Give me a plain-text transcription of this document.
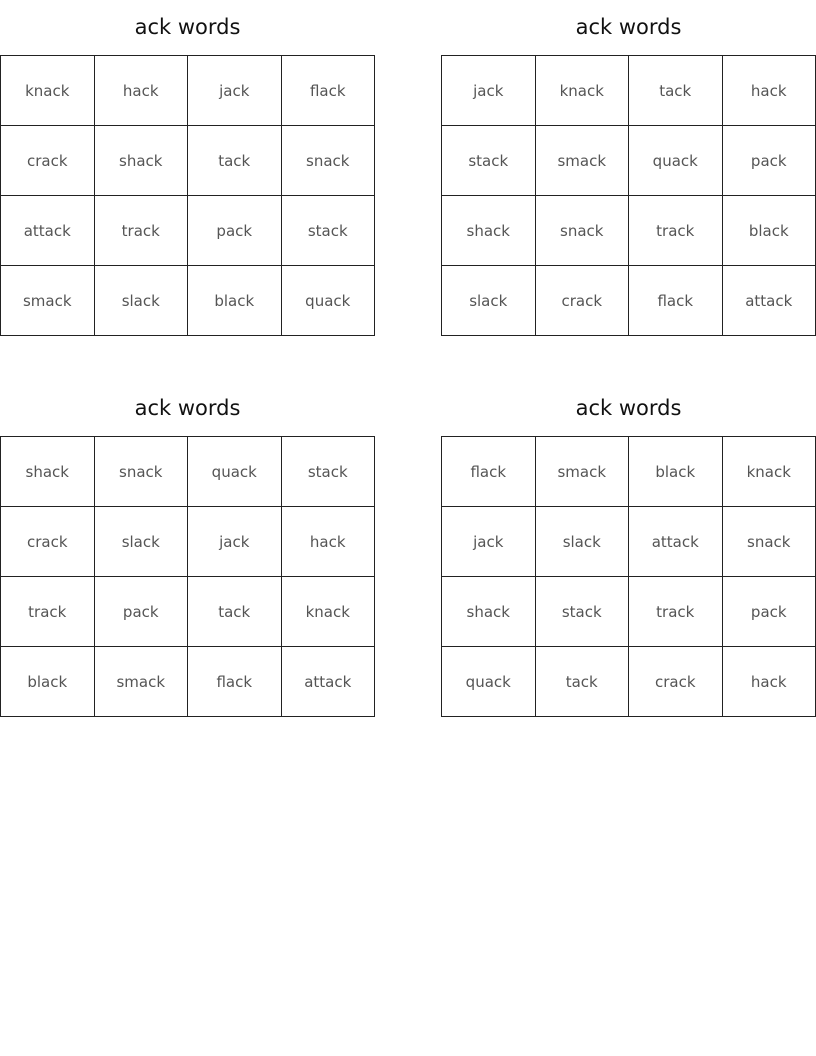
ack words
knack	hack	jack	flack
crack	shack	tack	snack
attack	track	pack	stack
smack	slack	black	quack
ack words
jack	knack	tack	hack
stack	smack	quack	pack
shack	snack	track	black
slack	crack	flack	attack
ack words
shack	snack	quack	stack
crack	slack	jack	hack
track	pack	tack	knack
black	smack	flack	attack
ack words
flack	smack	black	knack
jack	slack	attack	snack
shack	stack	track	pack
quack	tack	crack	hack
